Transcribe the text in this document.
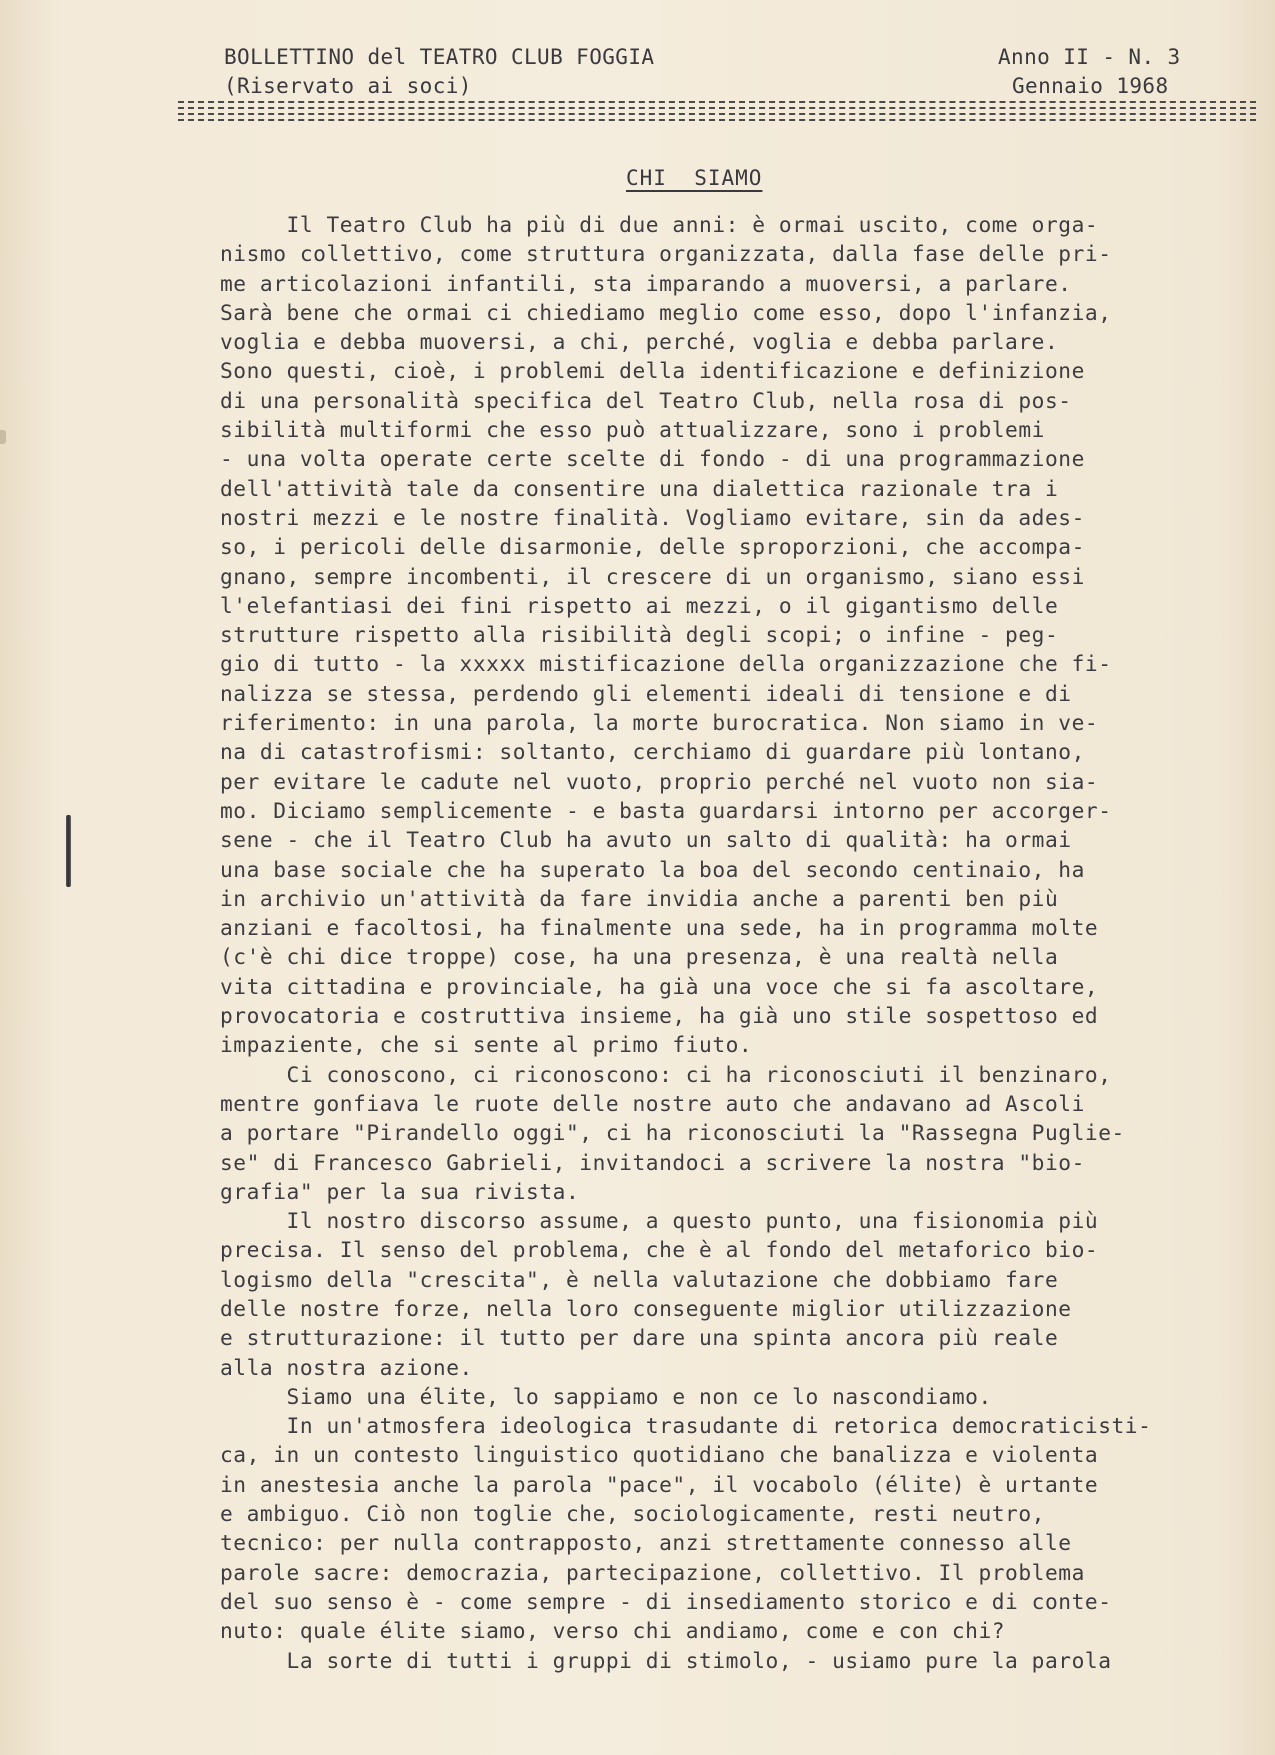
BOLLETTINO del TEATRO CLUB FOGGIA
(Riservato ai soci)
Anno II - N. 3
Gennaio 1968
CHI  SIAMO
Il Teatro Club ha più di due anni: è ormai uscito, come orga-
nismo collettivo, come struttura organizzata, dalla fase delle pri-
me articolazioni infantili, sta imparando a muoversi, a parlare.
Sarà bene che ormai ci chiediamo meglio come esso, dopo l'infanzia,
voglia e debba muoversi, a chi, perché, voglia e debba parlare.
Sono questi, cioè, i problemi della identificazione e definizione
di una personalità specifica del Teatro Club, nella rosa di pos-
sibilità multiformi che esso può attualizzare, sono i problemi
- una volta operate certe scelte di fondo - di una programmazione
dell'attività tale da consentire una dialettica razionale tra i
nostri mezzi e le nostre finalità. Vogliamo evitare, sin da ades-
so, i pericoli delle disarmonie, delle sproporzioni, che accompa-
gnano, sempre incombenti, il crescere di un organismo, siano essi
l'elefantiasi dei fini rispetto ai mezzi, o il gigantismo delle
strutture rispetto alla risibilità degli scopi; o infine - peg-
gio di tutto - la xxxxx mistificazione della organizzazione che fi-
nalizza se stessa, perdendo gli elementi ideali di tensione e di
riferimento: in una parola, la morte burocratica. Non siamo in ve-
na di catastrofismi: soltanto, cerchiamo di guardare più lontano,
per evitare le cadute nel vuoto, proprio perché nel vuoto non sia-
mo. Diciamo semplicemente - e basta guardarsi intorno per accorger-
sene - che il Teatro Club ha avuto un salto di qualità: ha ormai
una base sociale che ha superato la boa del secondo centinaio, ha
in archivio un'attività da fare invidia anche a parenti ben più
anziani e facoltosi, ha finalmente una sede, ha in programma molte
(c'è chi dice troppe) cose, ha una presenza, è una realtà nella
vita cittadina e provinciale, ha già una voce che si fa ascoltare,
provocatoria e costruttiva insieme, ha già uno stile sospettoso ed
impaziente, che si sente al primo fiuto.
Ci conoscono, ci riconoscono: ci ha riconosciuti il benzinaro,
mentre gonfiava le ruote delle nostre auto che andavano ad Ascoli
a portare "Pirandello oggi", ci ha riconosciuti la "Rassegna Puglie-
se" di Francesco Gabrieli, invitandoci a scrivere la nostra "bio-
grafia" per la sua rivista.
Il nostro discorso assume, a questo punto, una fisionomia più
precisa. Il senso del problema, che è al fondo del metaforico bio-
logismo della "crescita", è nella valutazione che dobbiamo fare
delle nostre forze, nella loro conseguente miglior utilizzazione
e strutturazione: il tutto per dare una spinta ancora più reale
alla nostra azione.
Siamo una élite, lo sappiamo e non ce lo nascondiamo.
In un'atmosfera ideologica trasudante di retorica democraticisti-
ca, in un contesto linguistico quotidiano che banalizza e violenta
in anestesia anche la parola "pace", il vocabolo (élite) è urtante
e ambiguo. Ciò non toglie che, sociologicamente, resti neutro,
tecnico: per nulla contrapposto, anzi strettamente connesso alle
parole sacre: democrazia, partecipazione, collettivo. Il problema
del suo senso è - come sempre - di insediamento storico e di conte-
nuto: quale élite siamo, verso chi andiamo, come e con chi?
La sorte di tutti i gruppi di stimolo, - usiamo pure la parola
